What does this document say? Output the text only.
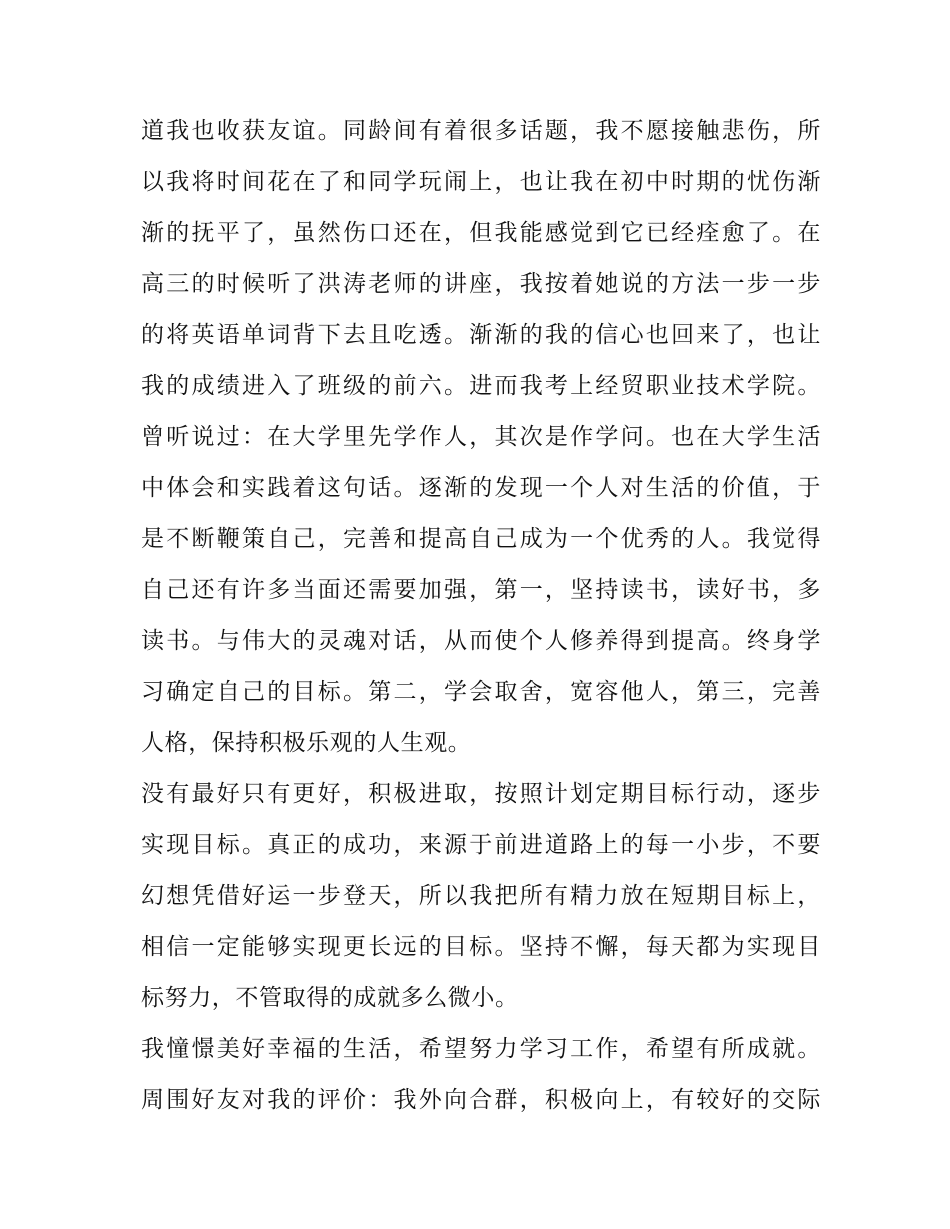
道我也收获友谊。同龄间有着很多话题，我不愿接触悲伤，所
以我将时间花在了和同学玩闹上，也让我在初中时期的忧伤渐
渐的抚平了，虽然伤口还在，但我能感觉到它已经痊愈了。在
高三的时候听了洪涛老师的讲座，我按着她说的方法一步一步
的将英语单词背下去且吃透。渐渐的我的信心也回来了，也让
我的成绩进入了班级的前六。进而我考上经贸职业技术学院。
曾听说过：在大学里先学作人，其次是作学问。也在大学生活
中体会和实践着这句话。逐渐的发现一个人对生活的价值，于
是不断鞭策自己，完善和提高自己成为一个优秀的人。我觉得
自己还有许多当面还需要加强，第一，坚持读书，读好书，多
读书。与伟大的灵魂对话，从而使个人修养得到提高。终身学
习确定自己的目标。第二，学会取舍，宽容他人，第三，完善
人格，保持积极乐观的人生观。
没有最好只有更好，积极进取，按照计划定期目标行动，逐步
实现目标。真正的成功，来源于前进道路上的每一小步，不要
幻想凭借好运一步登天，所以我把所有精力放在短期目标上，
相信一定能够实现更长远的目标。坚持不懈，每天都为实现目
标努力，不管取得的成就多么微小。
我憧憬美好幸福的生活，希望努力学习工作，希望有所成就。
周围好友对我的评价：我外向合群，积极向上，有较好的交际
